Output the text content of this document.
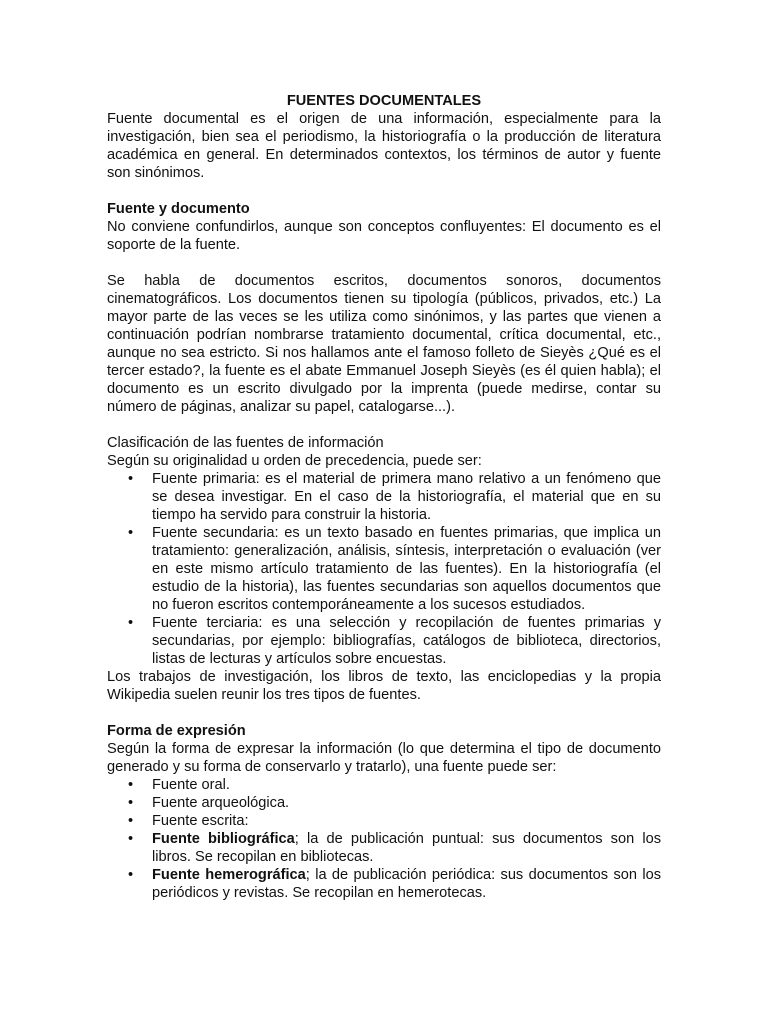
FUENTES DOCUMENTALES

Fuente documental es el origen de una información, especialmente para la investigación, bien sea el periodismo, la historiografía o la producción de literatura académica en general. En determinados contextos, los términos de autor y fuente son sinónimos.

Fuente y documento

No conviene confundirlos, aunque son conceptos confluyentes: El documento es el soporte de la fuente.

Se habla de documentos escritos, documentos sonoros, documentos cinematográficos. Los documentos tienen su tipología (públicos, privados, etc.) La mayor parte de las veces se les utiliza como sinónimos, y las partes que vienen a continuación podrían nombrarse tratamiento documental, crítica documental, etc., aunque no sea estricto. Si nos hallamos ante el famoso folleto de Sieyès ¿Qué es el tercer estado?, la fuente es el abate Emmanuel Joseph Sieyès (es él quien habla); el documento es un escrito divulgado por la imprenta (puede medirse, contar su número de páginas, analizar su papel, catalogarse...).

Clasificación de las fuentes de información

Según su originalidad u orden de precedencia, puede ser:

• Fuente primaria: es el material de primera mano relativo a un fenómeno que se desea investigar. En el caso de la historiografía, el material que en su tiempo ha servido para construir la historia.
• Fuente secundaria: es un texto basado en fuentes primarias, que implica un tratamiento: generalización, análisis, síntesis, interpretación o evaluación (ver en este mismo artículo tratamiento de las fuentes). En la historiografía (el estudio de la historia), las fuentes secundarias son aquellos documentos que no fueron escritos contemporáneamente a los sucesos estudiados.
• Fuente terciaria: es una selección y recopilación de fuentes primarias y secundarias, por ejemplo: bibliografías, catálogos de biblioteca, directorios, listas de lecturas y artículos sobre encuestas.

Los trabajos de investigación, los libros de texto, las enciclopedias y la propia Wikipedia suelen reunir los tres tipos de fuentes.

Forma de expresión

Según la forma de expresar la información (lo que determina el tipo de documento generado y su forma de conservarlo y tratarlo), una fuente puede ser:

• Fuente oral.
• Fuente arqueológica.
• Fuente escrita:
• Fuente bibliográfica; la de publicación puntual: sus documentos son los libros. Se recopilan en bibliotecas.
• Fuente hemerográfica; la de publicación periódica: sus documentos son los periódicos y revistas. Se recopilan en hemerotecas.
